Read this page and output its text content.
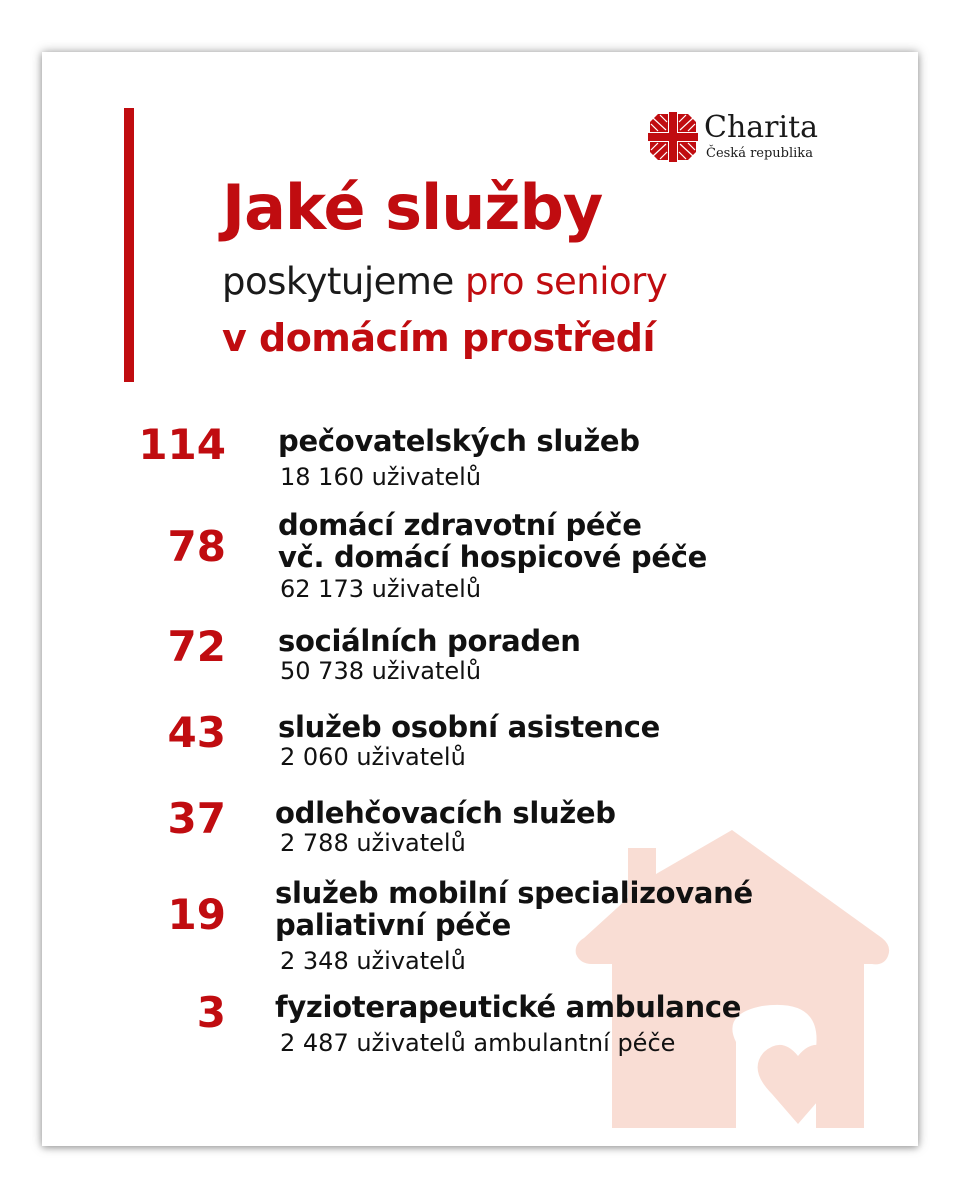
Charita
Česká republika
Jaké služby
poskytujeme pro seniory
v domácím prostředí
114 pečovatelských služeb
18 160 uživatelů
78 domácí zdravotní péče
vč. domácí hospicové péče
62 173 uživatelů
72 sociálních poraden
50 738 uživatelů
43 služeb osobní asistence
2 060 uživatelů
37 odlehčovacích služeb
2 788 uživatelů
19 služeb mobilní specializované
paliativní péče
2 348 uživatelů
3 fyzioterapeutické ambulance
2 487 uživatelů ambulantní péče
